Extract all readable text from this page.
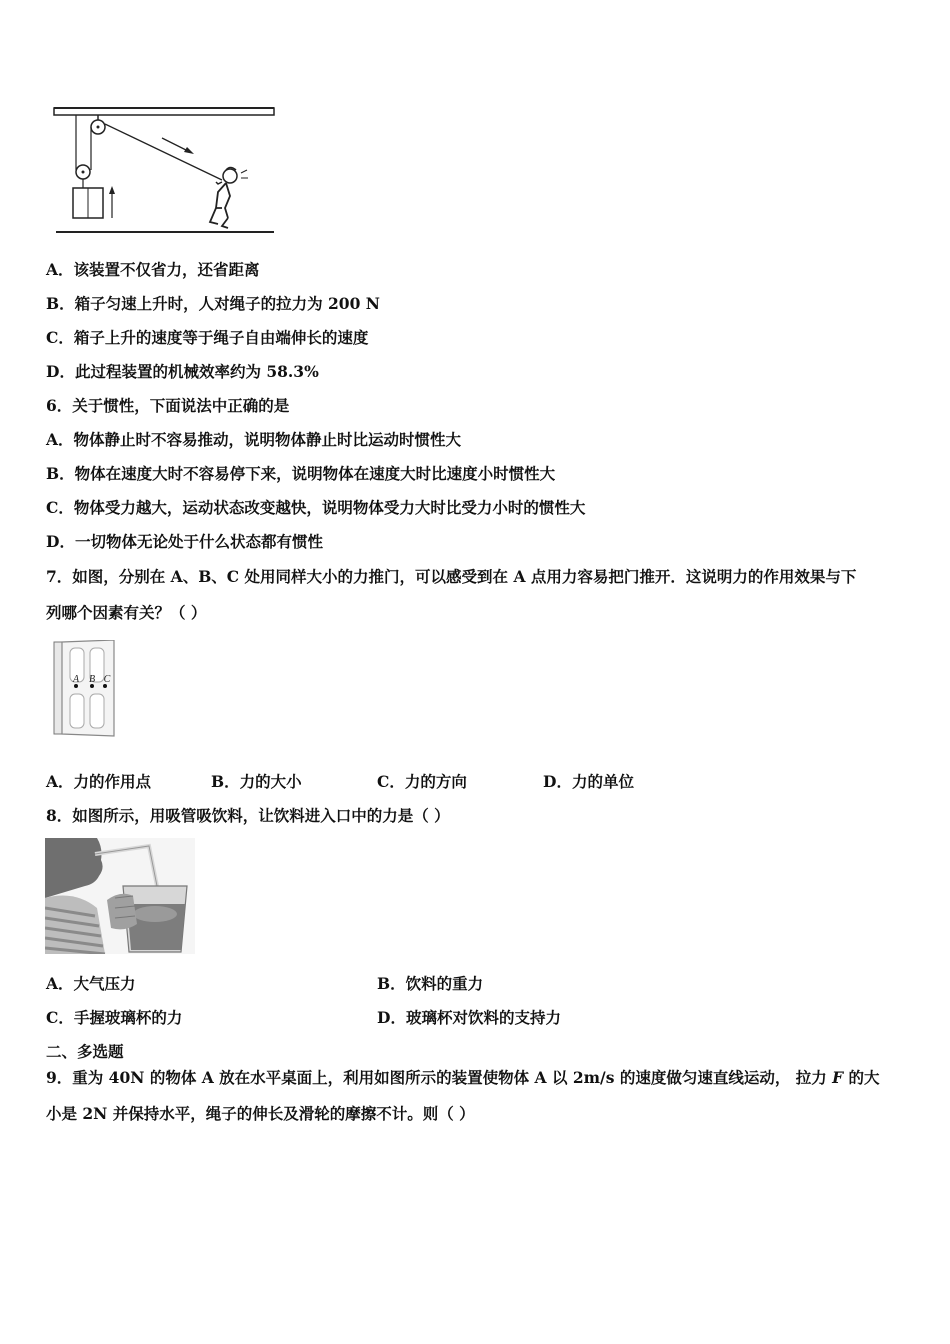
A．该装置不仅省力，还省距离
B．箱子匀速上升时，人对绳子的拉力为 200 N
C．箱子上升的速度等于绳子自由端伸长的速度
D．此过程装置的机械效率约为 58.3%
6．关于惯性，下面说法中正确的是
A．物体静止时不容易推动，说明物体静止时比运动时惯性大
B．物体在速度大时不容易停下来，说明物体在速度大时比速度小时惯性大
C．物体受力越大，运动状态改变越快，说明物体受力大时比受力小时的惯性大
D．一切物体无论处于什么状态都有惯性
7．如图，分别在 A、B、C 处用同样大小的力推门，可以感受到在 A 点用力容易把门推开．这说明力的作用效果与下
列哪个因素有关？（ ）
A B C
A．力的作用点	B．力的大小	C．力的方向	D．力的单位
8．如图所示，用吸管吸饮料，让饮料进入口中的力是（ ）
A．大气压力	B．饮料的重力
C．手握玻璃杯的力	D．玻璃杯对饮料的支持力
二、多选题
9．重为 40N 的物体 A 放在水平桌面上，利用如图所示的装置使物体 A 以 2m/s 的速度做匀速直线运动， 拉力 F 的大
小是 2N 并保持水平，绳子的伸长及滑轮的摩擦不计。则（ ）
